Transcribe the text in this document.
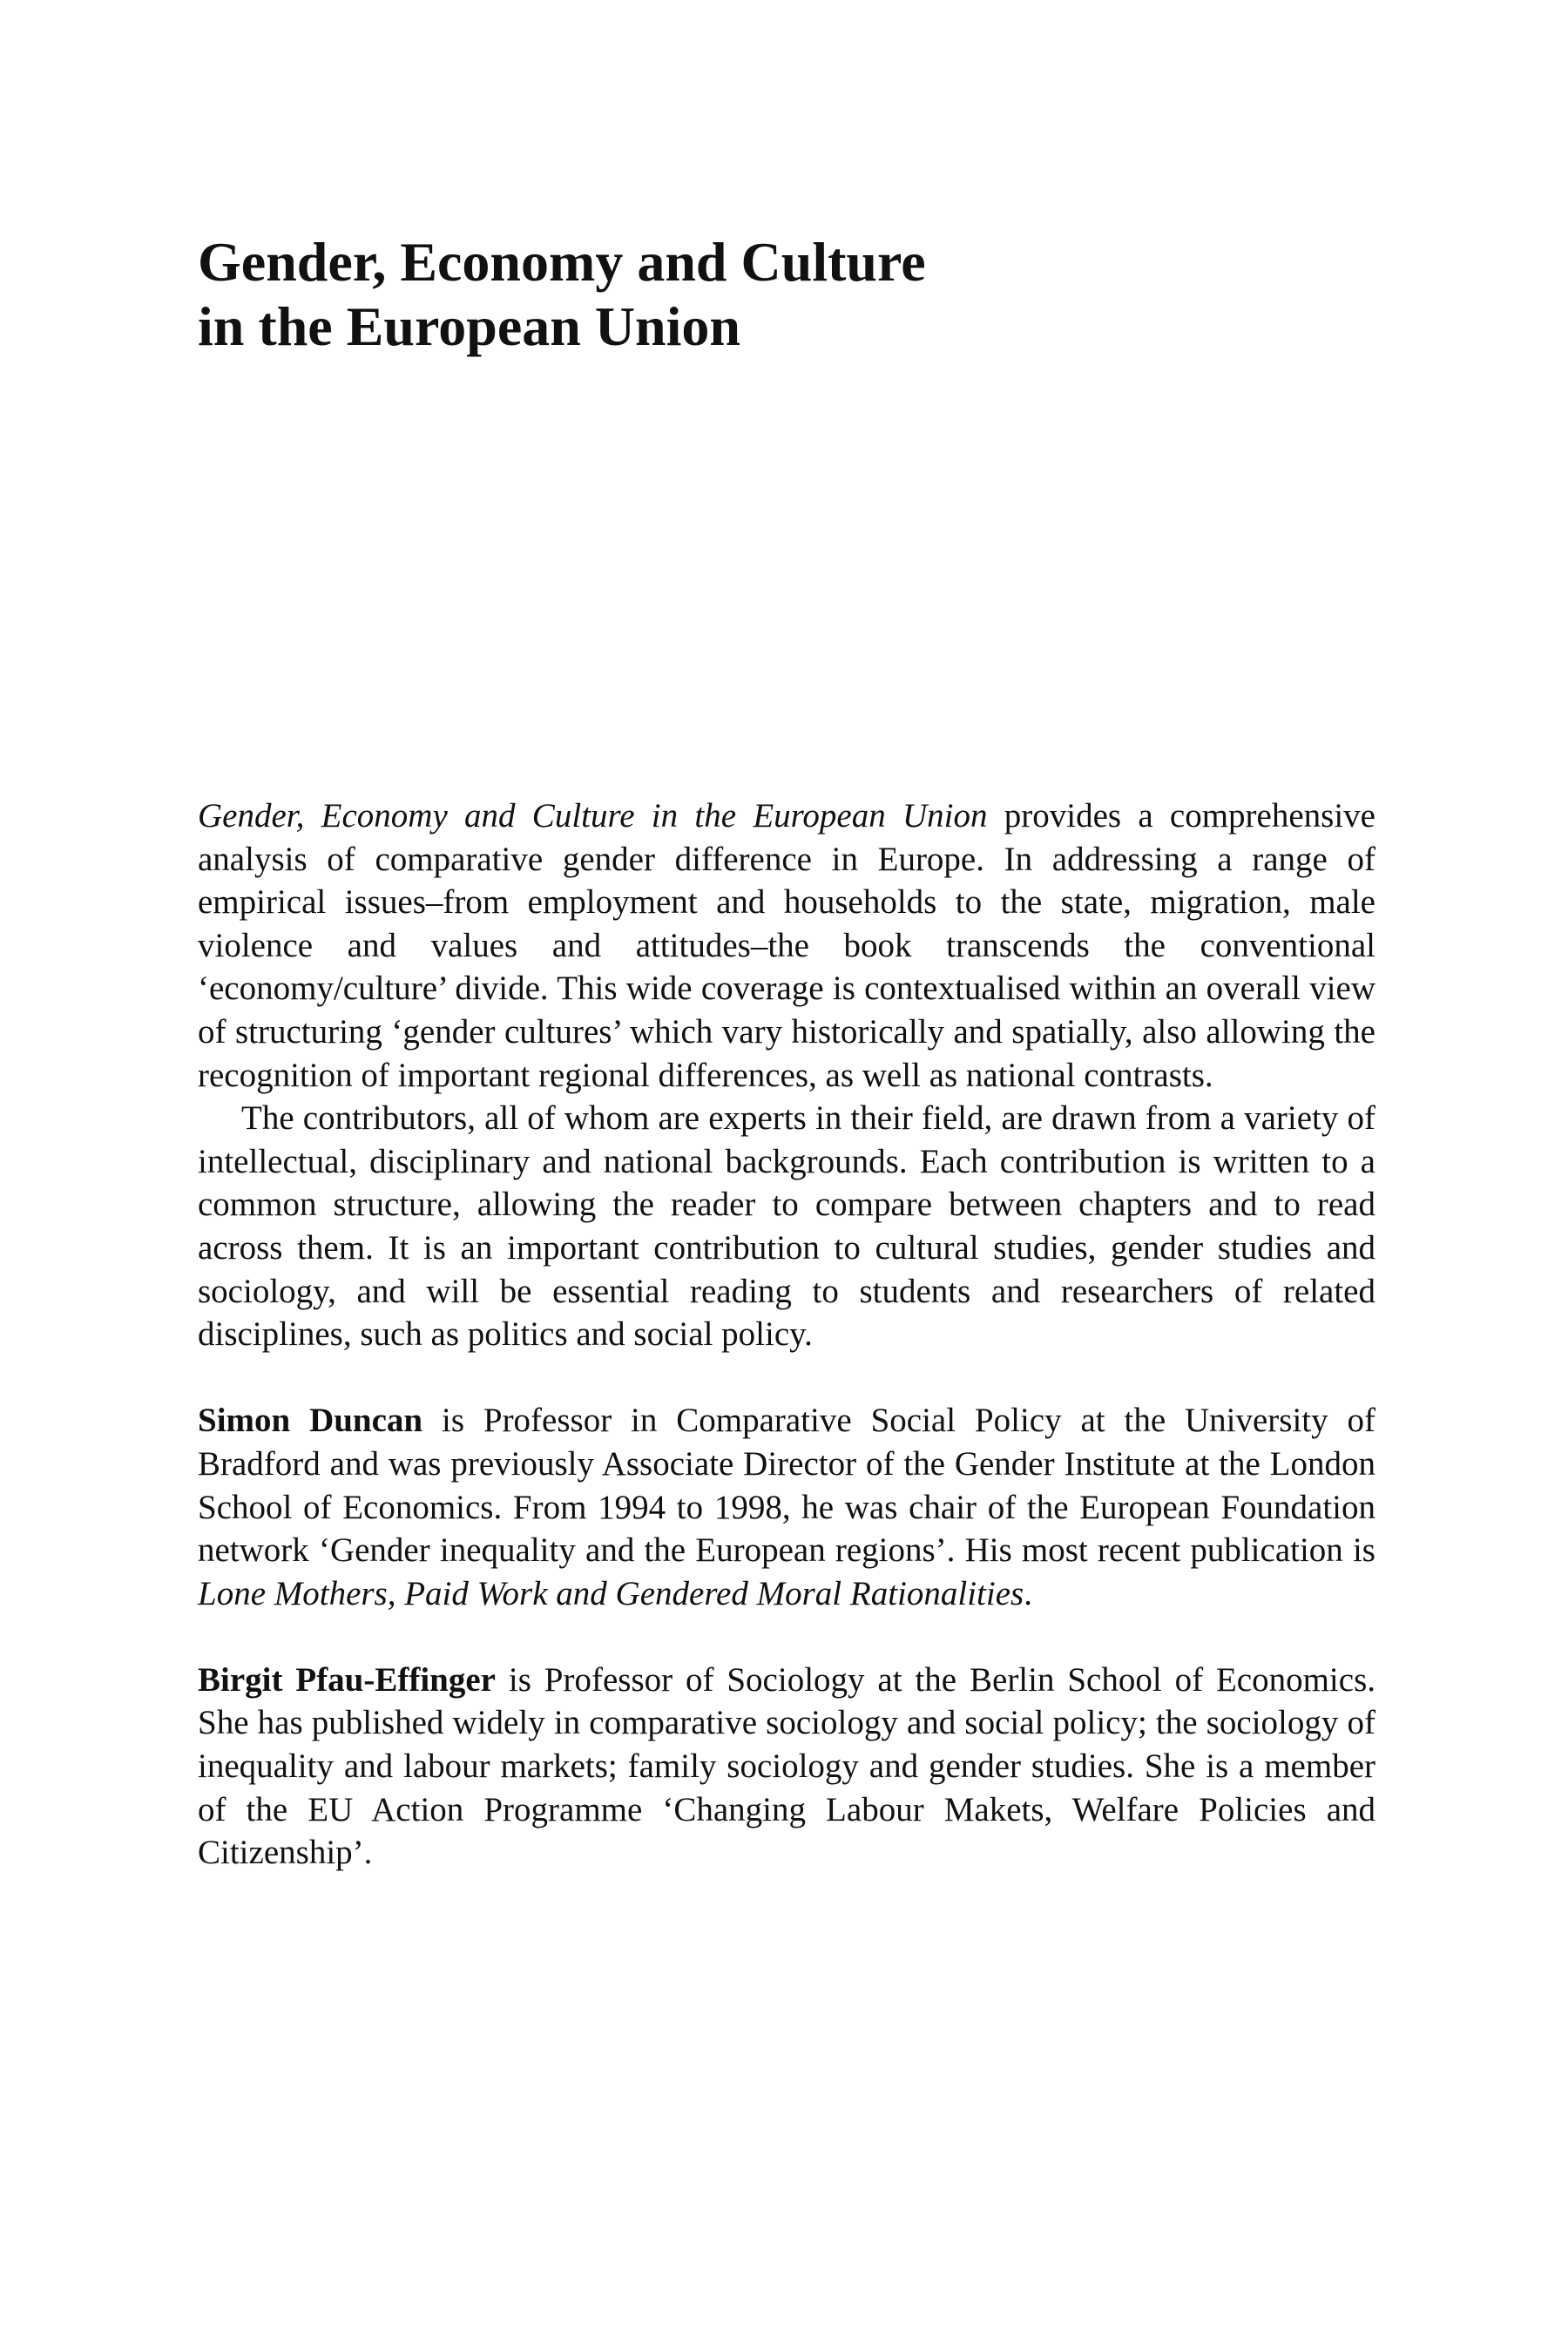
Gender, Economy and Culture
in the European Union

Gender, Economy and Culture in the European Union provides a comprehensive analysis of comparative gender difference in Europe. In addressing a range of empirical issues–from employment and households to the state, migration, male violence and values and attitudes–the book transcends the conventional ‘economy/culture’ divide. This wide coverage is contextualised within an overall view of structuring ‘gender cultures’ which vary historically and spatially, also allowing the recognition of important regional differences, as well as national contrasts.

The contributors, all of whom are experts in their field, are drawn from a variety of intellectual, disciplinary and national backgrounds. Each contribution is written to a common structure, allowing the reader to compare between chapters and to read across them. It is an important contribution to cultural studies, gender studies and sociology, and will be essential reading to students and researchers of related disciplines, such as politics and social policy.

Simon Duncan is Professor in Comparative Social Policy at the University of Bradford and was previously Associate Director of the Gender Institute at the London School of Economics. From 1994 to 1998, he was chair of the European Foundation network ‘Gender inequality and the European regions’. His most recent publication is Lone Mothers, Paid Work and Gendered Moral Rationalities.

Birgit Pfau-Effinger is Professor of Sociology at the Berlin School of Economics. She has published widely in comparative sociology and social policy; the sociology of inequality and labour markets; family sociology and gender studies. She is a member of the EU Action Programme ‘Changing Labour Makets, Welfare Policies and Citizenship’.
